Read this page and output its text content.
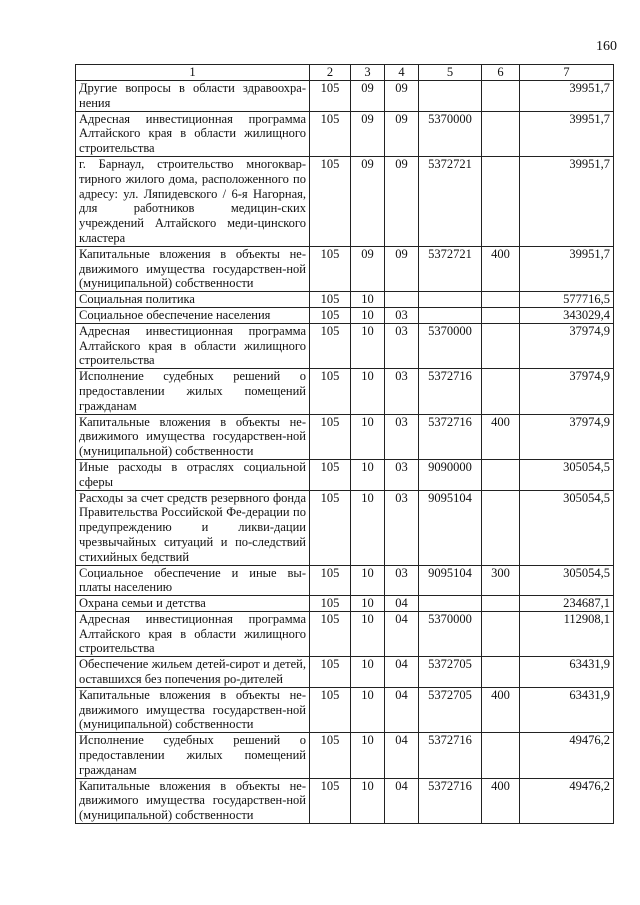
160
1	2	3	4	5	6	7
Другие вопросы в области здравоохра-нения	105	09	09			39951,7
Адресная инвестиционная программа Алтайского края в области жилищного строительства	105	09	09	5370000		39951,7
г. Барнаул, строительство многоквар-тирного жилого дома, расположенного по адресу: ул. Ляпидевского / 6-я Нагорная, для работников медицин-ских учреждений Алтайского меди-цинского кластера	105	09	09	5372721		39951,7
Капитальные вложения в объекты не-движимого имущества государствен-ной (муниципальной) собственности	105	09	09	5372721	400	39951,7
Социальная политика	105	10				577716,5
Социальное обеспечение населения	105	10	03			343029,4
Адресная инвестиционная программа Алтайского края в области жилищного строительства	105	10	03	5370000		37974,9
Исполнение судебных решений о предоставлении жилых помещений гражданам	105	10	03	5372716		37974,9
Капитальные вложения в объекты не-движимого имущества государствен-ной (муниципальной) собственности	105	10	03	5372716	400	37974,9
Иные расходы в отраслях социальной сферы	105	10	03	9090000		305054,5
Расходы за счет средств резервного фонда Правительства Российской Фе-дерации по предупреждению и ликви-дации чрезвычайных ситуаций и по-следствий стихийных бедствий	105	10	03	9095104		305054,5
Социальное обеспечение и иные вы-платы населению	105	10	03	9095104	300	305054,5
Охрана семьи и детства	105	10	04			234687,1
Адресная инвестиционная программа Алтайского края в области жилищного строительства	105	10	04	5370000		112908,1
Обеспечение жильем детей-сирот и детей, оставшихся без попечения ро-дителей	105	10	04	5372705		63431,9
Капитальные вложения в объекты не-движимого имущества государствен-ной (муниципальной) собственности	105	10	04	5372705	400	63431,9
Исполнение судебных решений о предоставлении жилых помещений гражданам	105	10	04	5372716		49476,2
Капитальные вложения в объекты не-движимого имущества государствен-ной (муниципальной) собственности	105	10	04	5372716	400	49476,2
